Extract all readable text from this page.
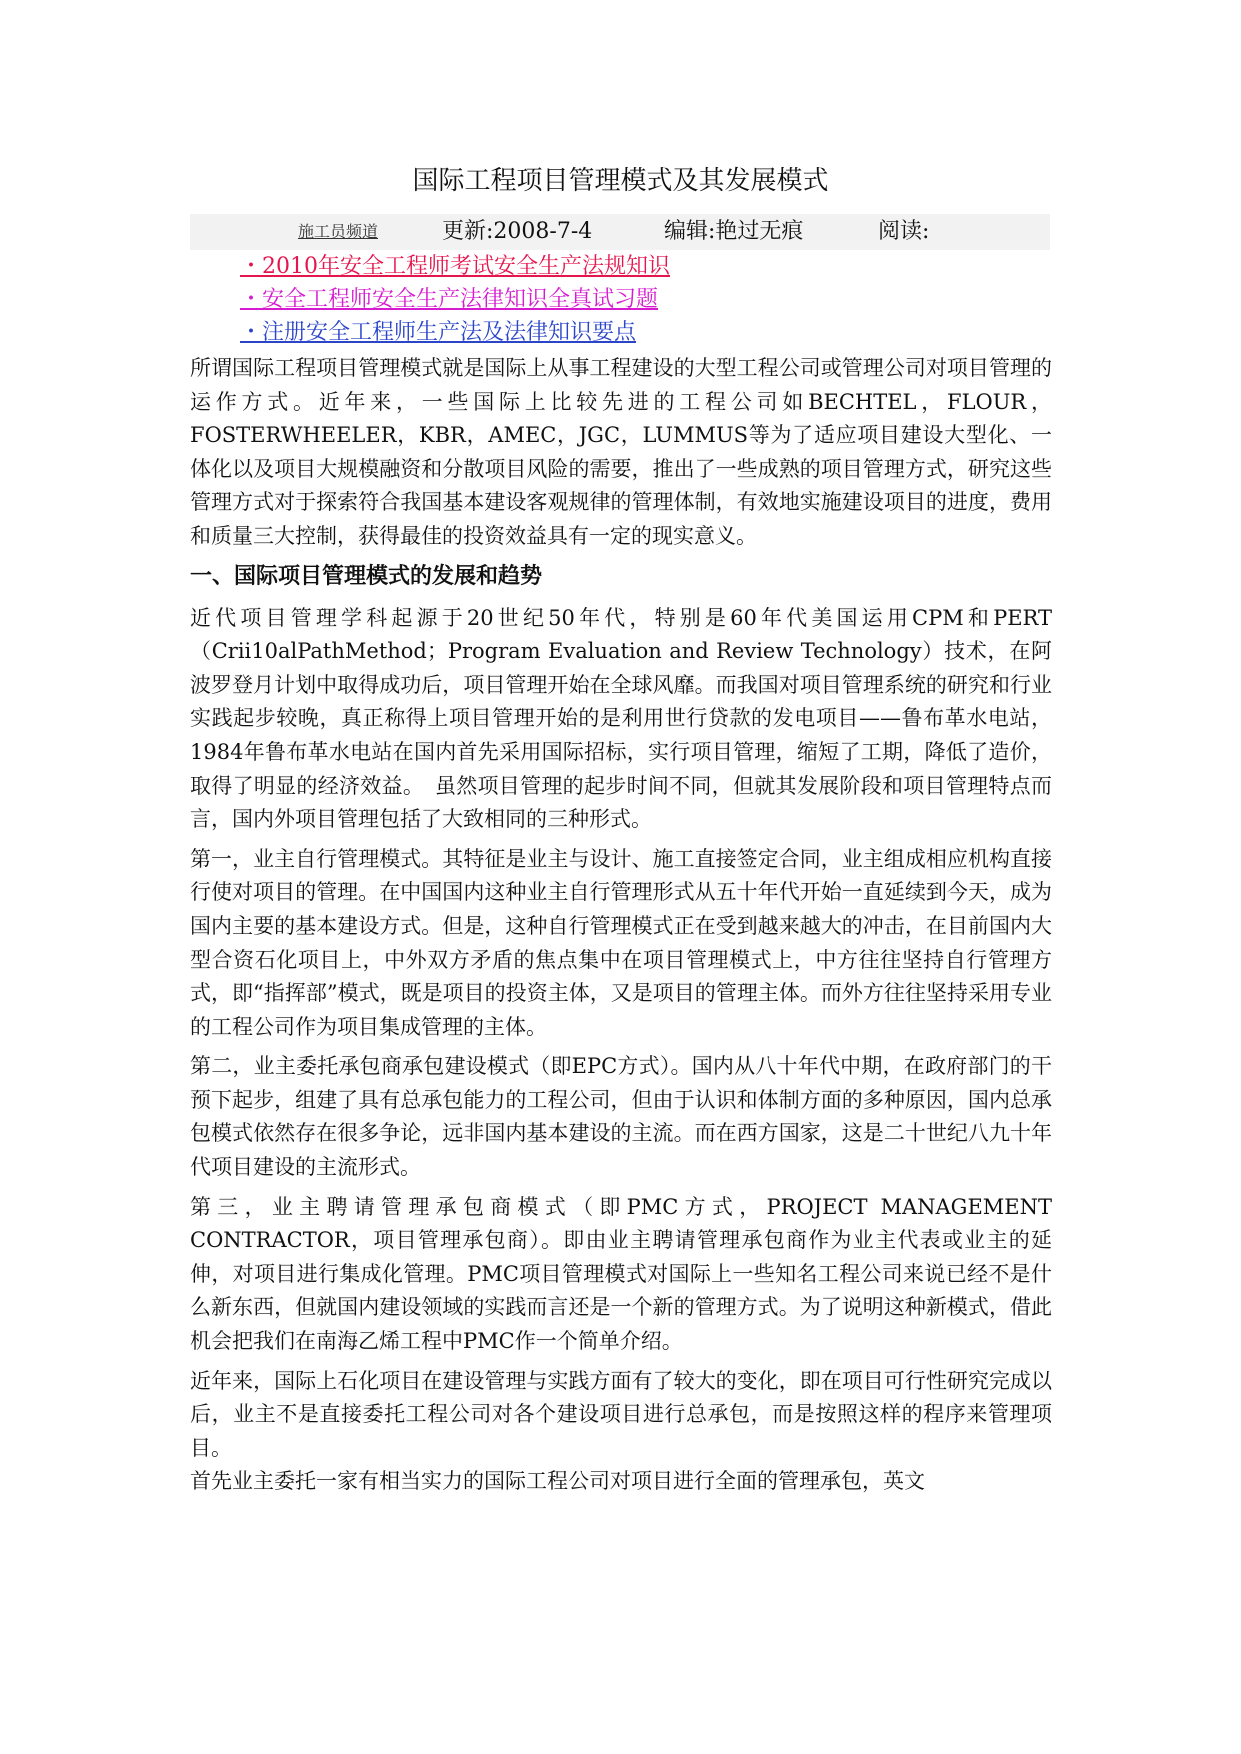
国际工程项目管理模式及其发展模式
施工员频道	更新:2008-7-4	编辑:艳过无痕	阅读:
・2010年安全工程师考试安全生产法规知识
・安全工程师安全生产法律知识全真试习题
・注册安全工程师生产法及法律知识要点

所谓国际工程项目管理模式就是国际上从事工程建设的大型工程公司或管理公司对项目管理的运作方式。近年来，一些国际上比较先进的工程公司如BECHTEL，FLOUR，FOSTERWHEELER，KBR，AMEC，JGC，LUMMUS等为了适应项目建设大型化、一体化以及项目大规模融资和分散项目风险的需要，推出了一些成熟的项目管理方式，研究这些管理方式对于探索符合我国基本建设客观规律的管理体制，有效地实施建设项目的进度，费用和质量三大控制，获得最佳的投资效益具有一定的现实意义。

一、国际项目管理模式的发展和趋势

近代项目管理学科起源于20世纪50年代，特别是60年代美国运用CPM和PERT（Crii10alPathMethod；Program Evaluation and Review Technology）技术，在阿波罗登月计划中取得成功后，项目管理开始在全球风靡。而我国对项目管理系统的研究和行业实践起步较晚，真正称得上项目管理开始的是利用世行贷款的发电项目——鲁布革水电站，1984年鲁布革水电站在国内首先采用国际招标，实行项目管理，缩短了工期，降低了造价，取得了明显的经济效益。　虽然项目管理的起步时间不同，但就其发展阶段和项目管理特点而言，国内外项目管理包括了大致相同的三种形式。

第一，业主自行管理模式。其特征是业主与设计、施工直接签定合同，业主组成相应机构直接行使对项目的管理。在中国国内这种业主自行管理形式从五十年代开始一直延续到今天，成为国内主要的基本建设方式。但是，这种自行管理模式正在受到越来越大的冲击，在目前国内大型合资石化项目上，中外双方矛盾的焦点集中在项目管理模式上，中方往往坚持自行管理方式，即“指挥部”模式，既是项目的投资主体，又是项目的管理主体。而外方往往坚持采用专业的工程公司作为项目集成管理的主体。

第二，业主委托承包商承包建设模式（即EPC方式）。国内从八十年代中期，在政府部门的干预下起步，组建了具有总承包能力的工程公司，但由于认识和体制方面的多种原因，国内总承包模式依然存在很多争论，远非国内基本建设的主流。而在西方国家，这是二十世纪八九十年代项目建设的主流形式。

第三，业主聘请管理承包商模式（即PMC方式，PROJECT MANAGEMENT CONTRACTOR，项目管理承包商）。即由业主聘请管理承包商作为业主代表或业主的延伸，对项目进行集成化管理。PMC项目管理模式对国际上一些知名工程公司来说已经不是什么新东西，但就国内建设领域的实践而言还是一个新的管理方式。为了说明这种新模式，借此机会把我们在南海乙烯工程中PMC作一个简单介绍。

近年来，国际上石化项目在建设管理与实践方面有了较大的变化，即在项目可行性研究完成以后，业主不是直接委托工程公司对各个建设项目进行总承包，而是按照这样的程序来管理项目。

首先业主委托一家有相当实力的国际工程公司对项目进行全面的管理承包，英文
